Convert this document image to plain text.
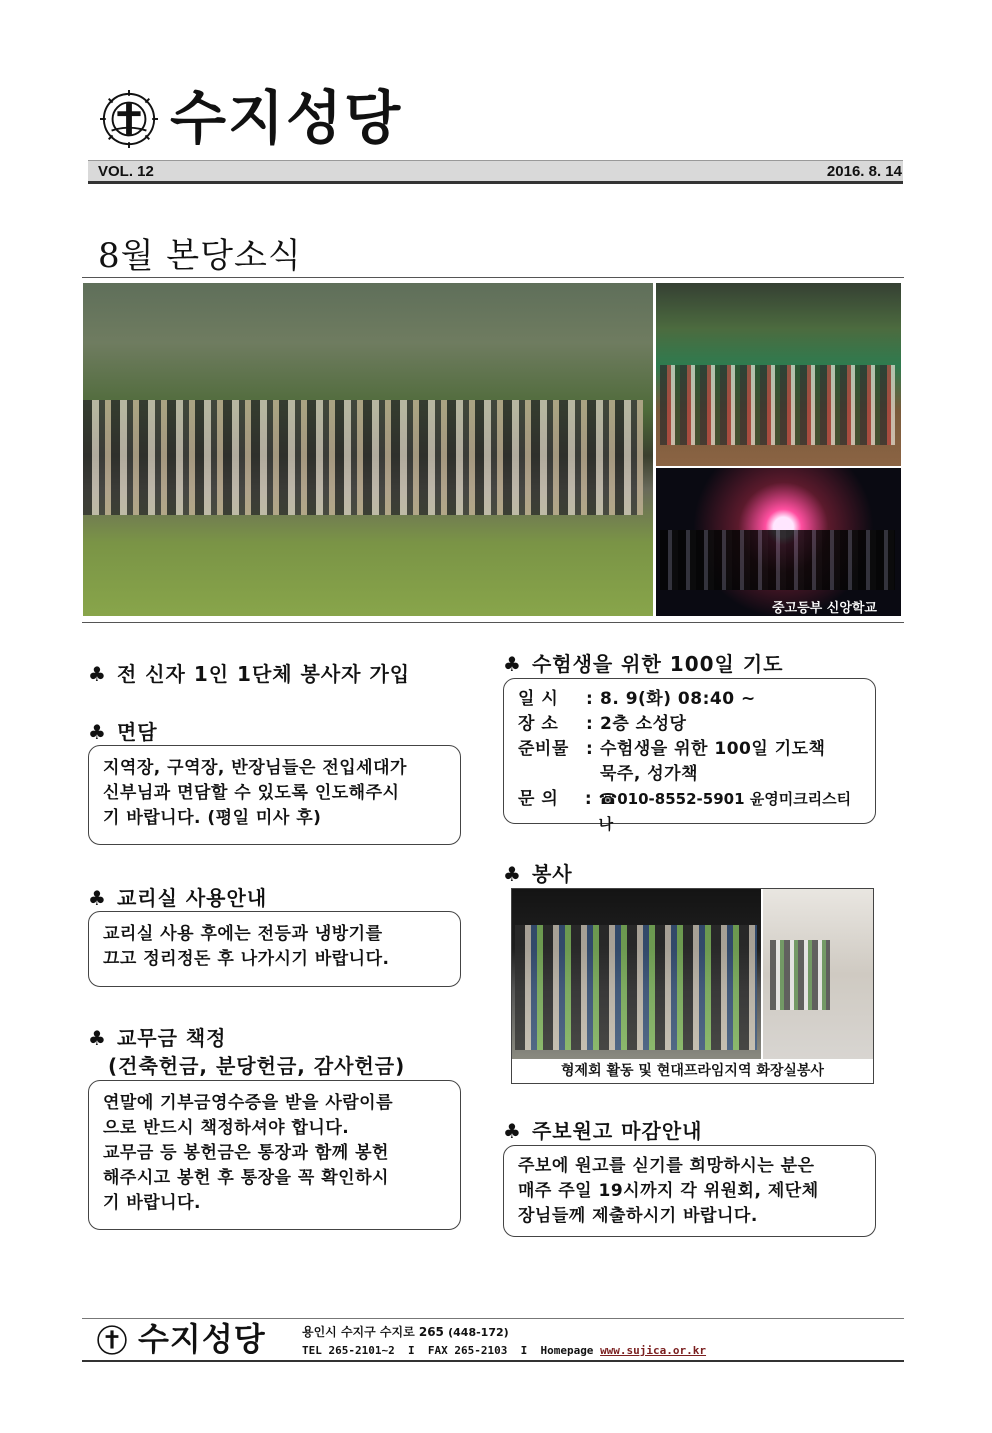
수지성당
VOL. 12	2016. 8. 14
8월 본당소식
중고등부 신앙학교
♣ 전 신자 1인 1단체 봉사자 가입
♣ 면담
지역장, 구역장, 반장님들은 전입세대가
신부님과 면담할 수 있도록 인도해주시
기 바랍니다. (평일 미사 후)
♣ 교리실 사용안내
교리실 사용 후에는 전등과 냉방기를
끄고 정리정돈 후 나가시기 바랍니다.
♣ 교무금 책정
(건축헌금, 분당헌금, 감사헌금)
연말에 기부금영수증을 받을 사람이름
으로 반드시 책정하셔야 합니다.
교무금 등 봉헌금은 통장과 함께 봉헌
해주시고 봉헌 후 통장을 꼭 확인하시
기 바랍니다.
♣ 수험생을 위한 100일 기도
일 시	: 8. 9(화) 08:40 ~
장 소	: 2층 소성당
준비물	: 수험생을 위한 100일 기도책
묵주, 성가책
문 의	: ☎010-8552-5901 윤영미크리스티나
♣ 봉사
형제회 활동 및 현대프라임지역 화장실봉사
♣ 주보원고 마감안내
주보에 원고를 싣기를 희망하시는 분은
매주 주일 19시까지 각 위원회, 제단체
장님들께 제출하시기 바랍니다.
수지성당	용인시 수지구 수지로 265 (448-172)
TEL 265-2101~2 I FAX 265-2103 I Homepage www.sujica.or.kr
